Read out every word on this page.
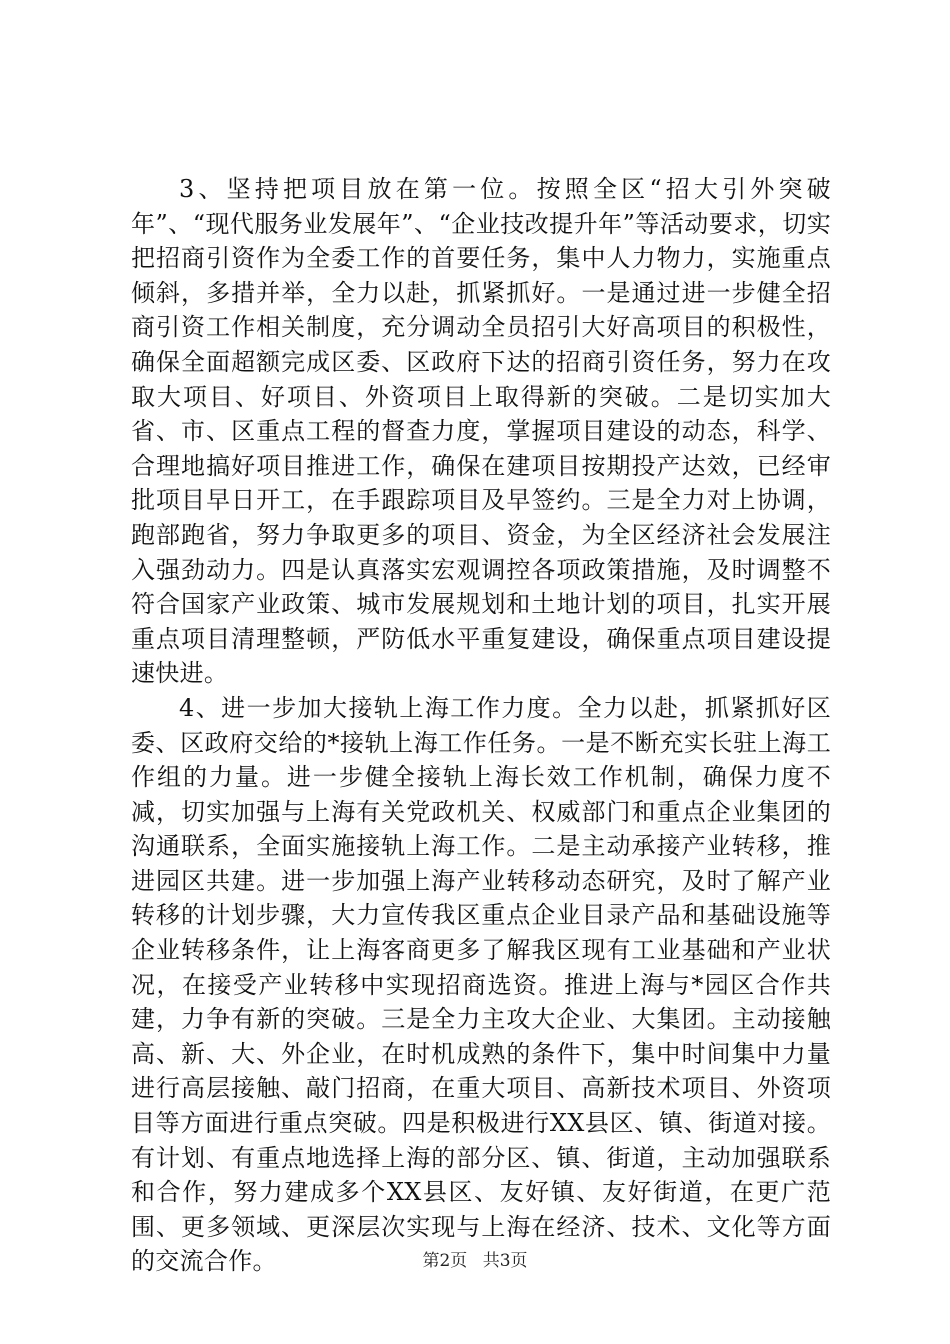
3、坚持把项目放在第一位。按照全区“招大引外突破年”、“现代服务业发展年”、“企业技改提升年”等活动要求，切实把招商引资作为全委工作的首要任务，集中人力物力，实施重点倾斜，多措并举，全力以赴，抓紧抓好。一是通过进一步健全招商引资工作相关制度，充分调动全员招引大好高项目的积极性，确保全面超额完成区委、区政府下达的招商引资任务，努力在攻取大项目、好项目、外资项目上取得新的突破。二是切实加大省、市、区重点工程的督查力度，掌握项目建设的动态，科学、合理地搞好项目推进工作，确保在建项目按期投产达效，已经审批项目早日开工，在手跟踪项目及早签约。三是全力对上协调，跑部跑省，努力争取更多的项目、资金，为全区经济社会发展注入强劲动力。四是认真落实宏观调控各项政策措施，及时调整不符合国家产业政策、城市发展规划和土地计划的项目，扎实开展重点项目清理整顿，严防低水平重复建设，确保重点项目建设提速快进。

4、进一步加大接轨上海工作力度。全力以赴，抓紧抓好区委、区政府交给的*接轨上海工作任务。一是不断充实长驻上海工作组的力量。进一步健全接轨上海长效工作机制，确保力度不减，切实加强与上海有关党政机关、权威部门和重点企业集团的沟通联系，全面实施接轨上海工作。二是主动承接产业转移，推进园区共建。进一步加强上海产业转移动态研究，及时了解产业转移的计划步骤，大力宣传我区重点企业目录产品和基础设施等企业转移条件，让上海客商更多了解我区现有工业基础和产业状况，在接受产业转移中实现招商选资。推进上海与*园区合作共建，力争有新的突破。三是全力主攻大企业、大集团。主动接触高、新、大、外企业，在时机成熟的条件下，集中时间集中力量进行高层接触、敲门招商，在重大项目、高新技术项目、外资项目等方面进行重点突破。四是积极进行XX县区、镇、街道对接。有计划、有重点地选择上海的部分区、镇、街道，主动加强联系和合作，努力建成多个XX县区、友好镇、友好街道，在更广范围、更多领域、更深层次实现与上海在经济、技术、文化等方面的交流合作。	第2页 共3页
